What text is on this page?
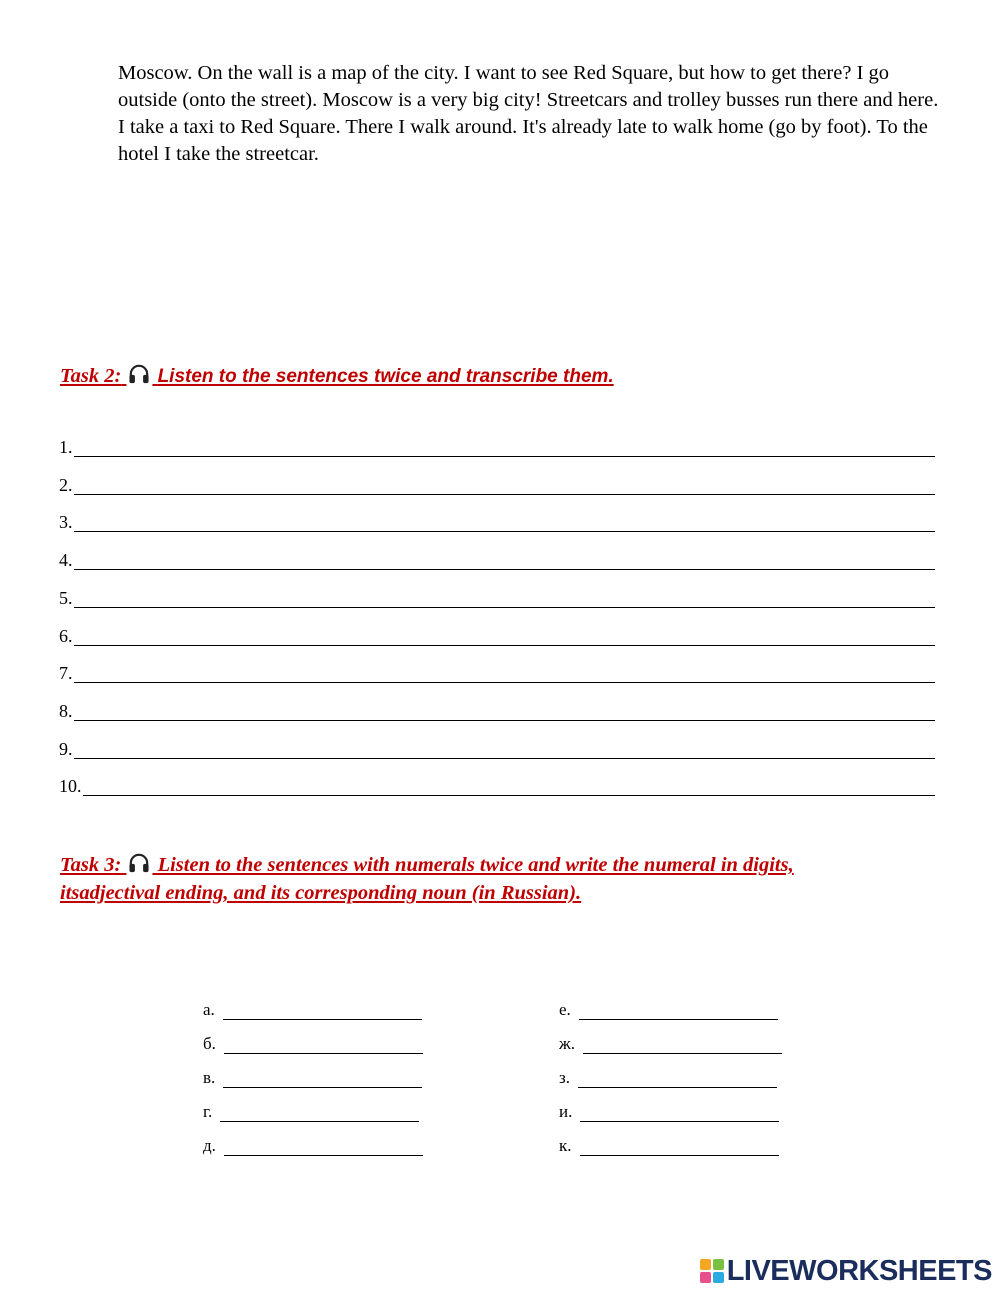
Moscow. On the wall is a map of the city. I want to see Red Square, but how to get there? I go outside (onto the street). Moscow is a very big city! Streetcars and trolley busses run there and here. I take a taxi to Red Square. There I walk around. It's already late to walk home (go by foot). To the hotel I take the streetcar.

Task 2: Listen to the sentences twice and transcribe them.
1.
2.
3.
4.
5.
6.
7.
8.
9.
10.
Task 3: Listen to the sentences with numerals twice and write the numeral in digits,
itsadjectival ending, and its corresponding noun (in Russian).
а.
б.
в.
г.
д.
е.
ж.
з.
и.
к.
LIVEWORKSHEETS
